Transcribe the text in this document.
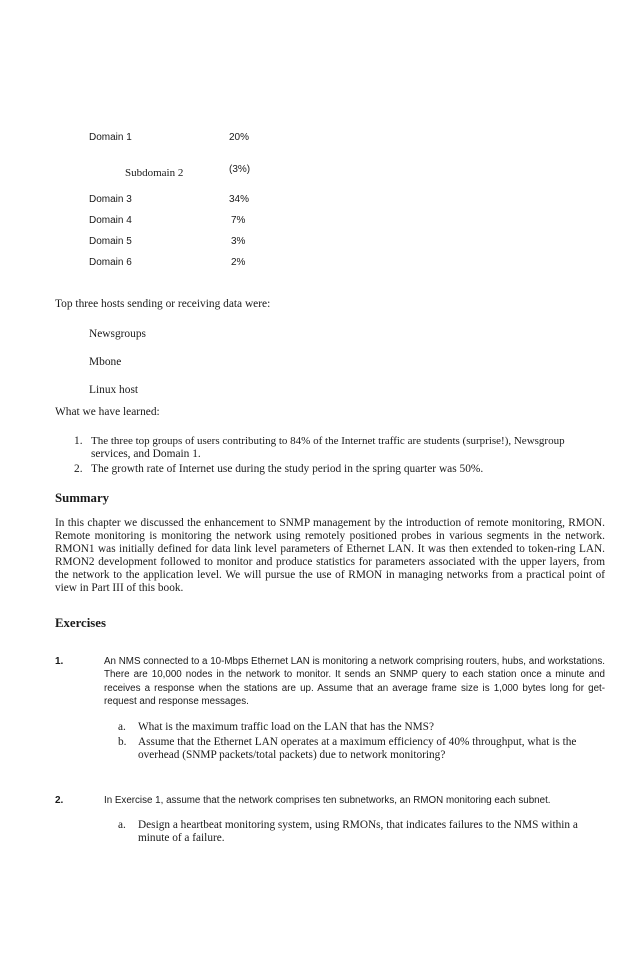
Domain 1	20%
Subdomain 2	(3%)
Domain 3	34%
Domain 4	7%
Domain 5	3%
Domain 6	2%
Top three hosts sending or receiving data were:
Newsgroups
Mbone
Linux host
What we have learned:
1. The three top groups of users contributing to 84% of the Internet traffic are students (surprise!), Newsgroup
services, and Domain 1.
2. The growth rate of Internet use during the study period in the spring quarter was 50%.
Summary
In this chapter we discussed the enhancement to SNMP management by the introduction of remote monitoring, RMON. Remote monitoring is monitoring the network using remotely positioned probes in various segments in the network. RMON1 was initially defined for data link level parameters of Ethernet LAN. It was then extended to token-ring LAN. RMON2 development followed to monitor and produce statistics for parameters associated with the upper layers, from the network to the application level. We will pursue the use of RMON in managing networks from a practical point of view in Part III of this book.
Exercises
1.	An NMS connected to a 10-Mbps Ethernet LAN is monitoring a network comprising routers, hubs, and workstations. There are 10,000 nodes in the network to monitor. It sends an SNMP query to each station once a minute and receives a response when the stations are up. Assume that an average frame size is 1,000 bytes long for get-request and response messages.
a. What is the maximum traffic load on the LAN that has the NMS?
b. Assume that the Ethernet LAN operates at a maximum efficiency of 40% throughput, what is the
overhead (SNMP packets/total packets) due to network monitoring?
2.	In Exercise 1, assume that the network comprises ten subnetworks, an RMON monitoring each subnet.
a. Design a heartbeat monitoring system, using RMONs, that indicates failures to the NMS within a
minute of a failure.
